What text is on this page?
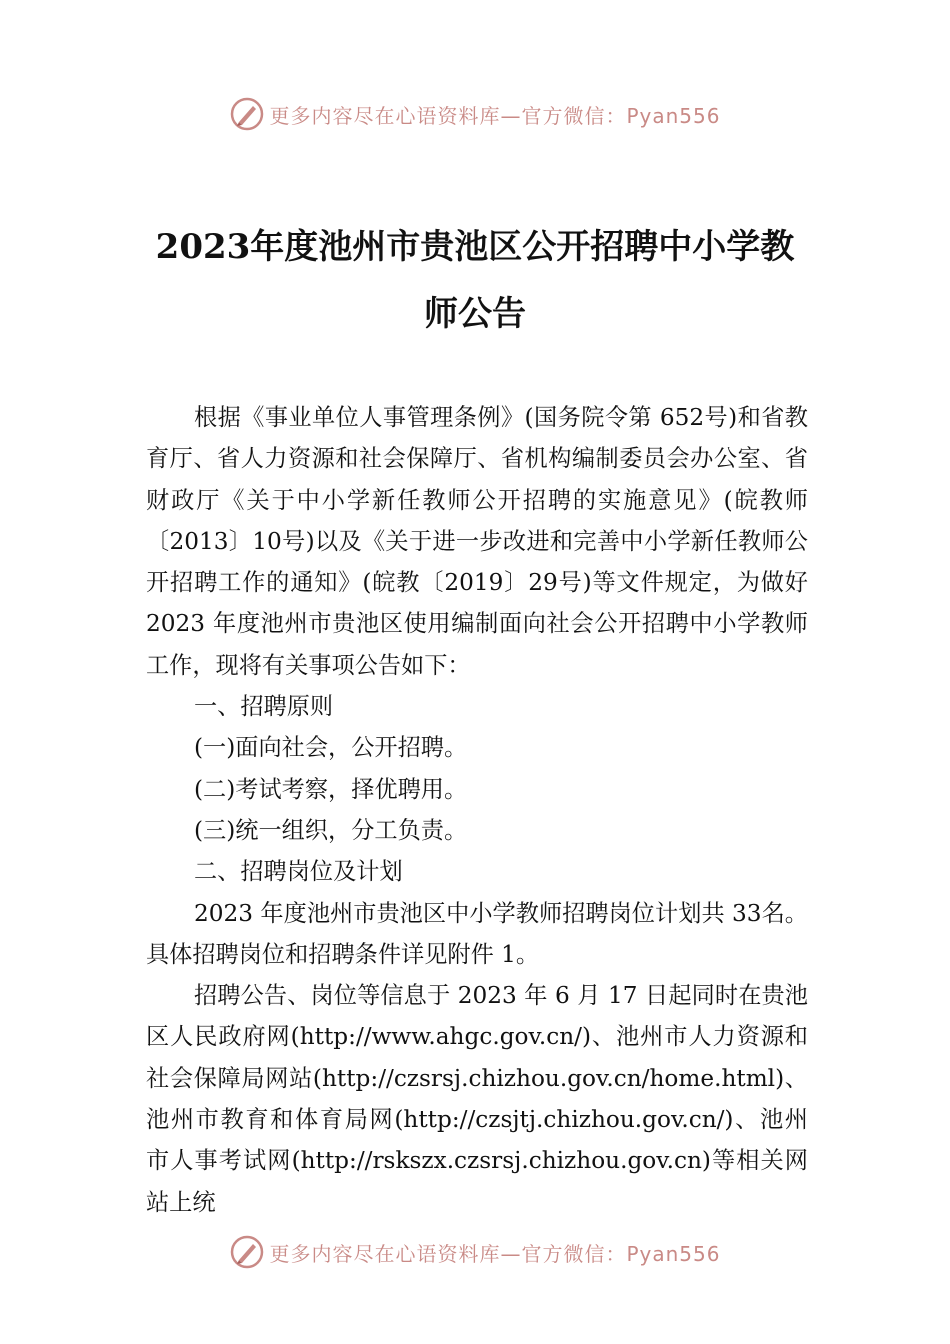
更多内容尽在心语资料库—官方微信：Pyan556
2023年度池州市贵池区公开招聘中小学教
师公告

根据《事业单位人事管理条例》(国务院令第 652号)和省教育厅、省人力资源和社会保障厅、省机构编制委员会办公室、省财政厅《关于中小学新任教师公开招聘的实施意见》(皖教师〔2013〕10号)以及《关于进一步改进和完善中小学新任教师公开招聘工作的通知》(皖教〔2019〕29号)等文件规定，为做好 2023 年度池州市贵池区使用编制面向社会公开招聘中小学教师工作，现将有关事项公告如下：

一、招聘原则

(一)面向社会，公开招聘。

(二)考试考察，择优聘用。

(三)统一组织，分工负责。

二、招聘岗位及计划

2023 年度池州市贵池区中小学教师招聘岗位计划共 33名。具体招聘岗位和招聘条件详见附件 1。

招聘公告、岗位等信息于 2023 年 6 月 17 日起同时在贵池区人民政府网(http://www.ahgc.gov.cn/)、池州市人力资源和社会保障局网站(http://czsrsj.chizhou.gov.cn/home.html)、池州市教育和体育局网(http://czsjtj.chizhou.gov.cn/)、池州市人事考试网(http://rskszx.czsrsj.chizhou.gov.cn)等相关网站上统

更多内容尽在心语资料库—官方微信：Pyan556
